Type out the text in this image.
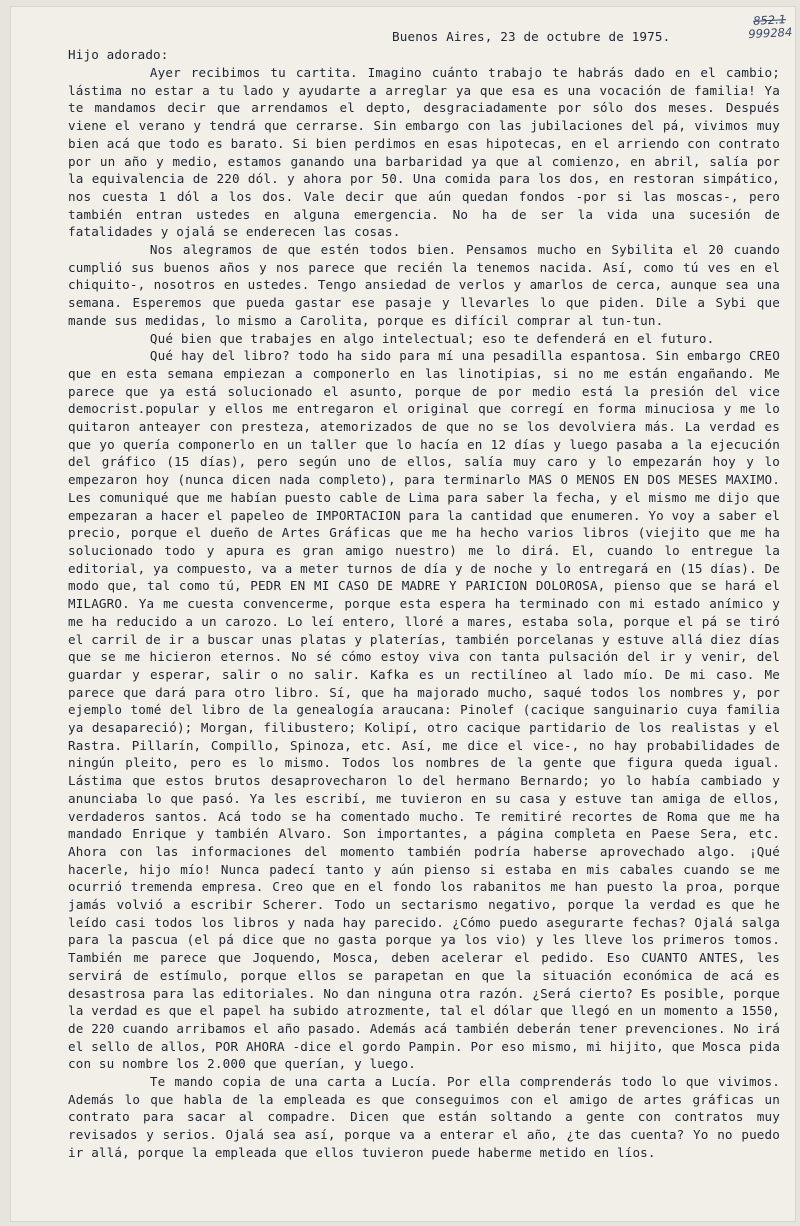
852.1
999284
Buenos Aires, 23 de octubre de 1975.
Hijo adorado:

Ayer recibimos tu cartita. Imagino cuánto trabajo te habrás dado en el cambio; lástima no estar a tu lado y ayudarte a arreglar ya que esa es una vocación de familia! Ya te mandamos decir que arrendamos el depto, desgraciadamente por sólo dos meses. Después viene el verano y tendrá que cerrarse. Sin embargo con las jubilaciones del pá, vivimos muy bien acá que todo es barato. Si bien perdimos en esas hipotecas, en el arriendo con contrato por un año y medio, estamos ganando una barbaridad ya que al comienzo, en abril, salía por la equivalencia de 220 dól. y ahora por 50. Una comida para los dos, en restoran simpático, nos cuesta 1 dól a los dos. Vale decir que aún quedan fondos -por si las moscas-, pero también entran ustedes en alguna emergencia. No ha de ser la vida una sucesión de fatalidades y ojalá se enderecen las cosas.

Nos alegramos de que estén todos bien. Pensamos mucho en Sybilita el 20 cuando cumplió sus buenos años y nos parece que recién la tenemos nacida. Así, como tú ves en el chiquito-, nosotros en ustedes. Tengo ansiedad de verlos y amarlos de cerca, aunque sea una semana. Esperemos que pueda gastar ese pasaje y llevarles lo que piden. Dile a Sybi que mande sus medidas, lo mismo a Carolita, porque es difícil comprar al tun-tun.

Qué bien que trabajes en algo intelectual; eso te defenderá en el futuro.

Qué hay del libro? todo ha sido para mí una pesadilla espantosa. Sin embargo CREO que en esta semana empiezan a componerlo en las linotipias, si no me están engañando. Me parece que ya está solucionado el asunto, porque de por medio está la presión del vice democrist.popular y ellos me entregaron el original que corregí en forma minuciosa y me lo quitaron anteayer con presteza, atemorizados de que no se los devolviera más. La verdad es que yo quería componerlo en un taller que lo hacía en 12 días y luego pasaba a la ejecución del gráfico (15 días), pero según uno de ellos, salía muy caro y lo empezarán hoy y lo empezaron hoy (nunca dicen nada completo), para terminarlo MAS O MENOS EN DOS MESES MAXIMO. Les comuniqué que me habían puesto cable de Lima para saber la fecha, y el mismo me dijo que empezaran a hacer el papeleo de IMPORTACION para la cantidad que enumeren. Yo voy a saber el precio, porque el dueño de Artes Gráficas que me ha hecho varios libros (viejito que me ha solucionado todo y apura es gran amigo nuestro) me lo dirá. El, cuando lo entregue la editorial, ya compuesto, va a meter turnos de día y de noche y lo entregará en (15 días). De modo que, tal como tú, PEDR EN MI CASO DE MADRE Y PARICION DOLOROSA, pienso que se hará el MILAGRO. Ya me cuesta convencerme, porque esta espera ha terminado con mi estado anímico y me ha reducido a un carozo. Lo leí entero, lloré a mares, estaba sola, porque el pá se tiró el carril de ir a buscar unas platas y platerías, también porcelanas y estuve allá diez días que se me hicieron eternos. No sé cómo estoy viva con tanta pulsación del ir y venir, del guardar y esperar, salir o no salir. Kafka es un rectilíneo al lado mío. De mi caso. Me parece que dará para otro libro. Sí, que ha majorado mucho, saqué todos los nombres y, por ejemplo tomé del libro de la genealogía araucana: Pinolef (cacique sanguinario cuya familia ya desapareció); Morgan, filibustero; Kolipí, otro cacique partidario de los realistas y el Rastra. Pillarín, Compillo, Spinoza, etc. Así, me dice el vice-, no hay probabilidades de ningún pleito, pero es lo mismo. Todos los nombres de la gente que figura queda igual. Lástima que estos brutos desaprovecharon lo del hermano Bernardo; yo lo había cambiado y anunciaba lo que pasó. Ya les escribí, me tuvieron en su casa y estuve tan amiga de ellos, verdaderos santos. Acá todo se ha comentado mucho. Te remitiré recortes de Roma que me ha mandado Enrique y también Alvaro. Son importantes, a página completa en Paese Sera, etc. Ahora con las informaciones del momento también podría haberse aprovechado algo. ¡Qué hacerle, hijo mío! Nunca padecí tanto y aún pienso si estaba en mis cabales cuando se me ocurrió tremenda empresa. Creo que en el fondo los rabanitos me han puesto la proa, porque jamás volvió a escribir Scherer. Todo un sectarismo negativo, porque la verdad es que he leído casi todos los libros y nada hay parecido. ¿Cómo puedo asegurarte fechas? Ojalá salga para la pascua (el pá dice que no gasta porque ya los vio) y les lleve los primeros tomos. También me parece que Joquendo, Mosca, deben acelerar el pedido. Eso CUANTO ANTES, les servirá de estímulo, porque ellos se parapetan en que la situación económica de acá es desastrosa para las editoriales. No dan ninguna otra razón. ¿Será cierto? Es posible, porque la verdad es que el papel ha subido atrozmente, tal el dólar que llegó en un momento a 1550, de 220 cuando arribamos el año pasado. Además acá también deberán tener prevenciones. No irá el sello de allos, POR AHORA -dice el gordo Pampin. Por eso mismo, mi hijito, que Mosca pida con su nombre los 2.000 que querían, y luego.

Te mando copia de una carta a Lucía. Por ella comprenderás todo lo que vivimos. Además lo que habla de la empleada es que conseguimos con el amigo de artes gráficas un contrato para sacar al compadre. Dicen que están soltando a gente con contratos muy revisados y serios. Ojalá sea así, porque va a enterar el año, ¿te das cuenta? Yo no puedo ir allá, porque la empleada que ellos tuvieron puede haberme metido en líos.
